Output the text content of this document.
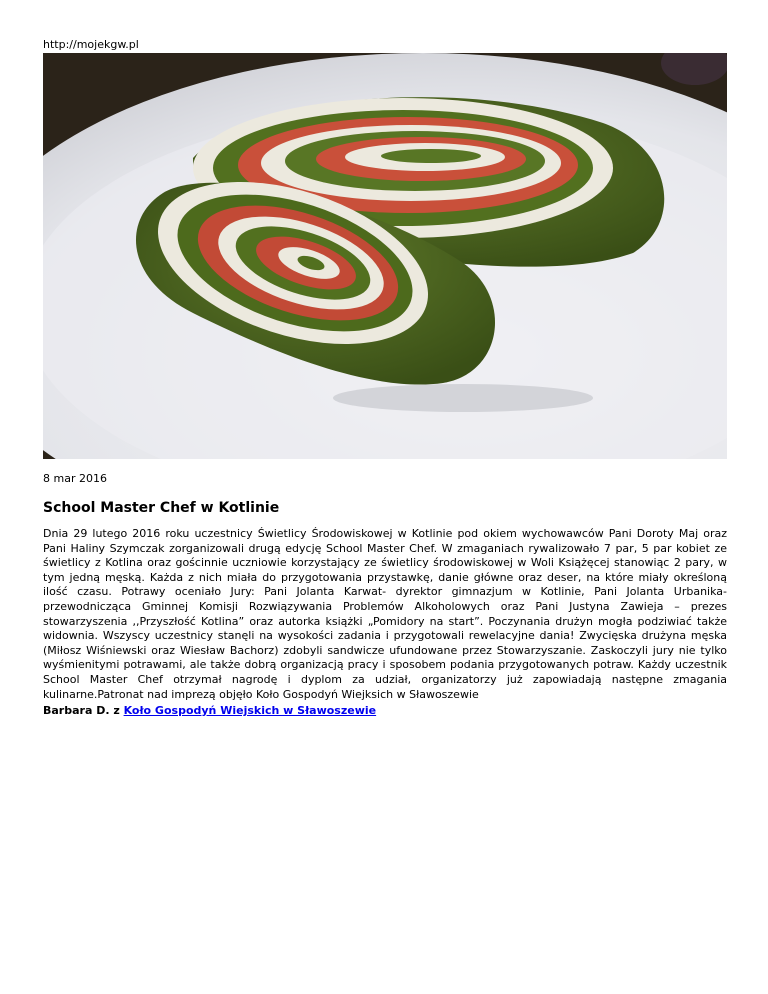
http://mojekgw.pl
8 mar 2016
School Master Chef w Kotlinie

Dnia 29 lutego 2016 roku uczestnicy Świetlicy Środowiskowej w Kotlinie pod okiem wychowawców Pani Doroty Maj oraz Pani Haliny Szymczak zorganizowali drugą edycję School Master Chef. W zmaganiach rywalizowało 7 par, 5 par kobiet ze świetlicy z Kotlina oraz gościnnie uczniowie korzystający ze świetlicy środowiskowej w Woli Książęcej stanowiąc 2 pary, w tym jedną męską. Każda z nich miała do przygotowania przystawkę, danie główne oraz deser, na które miały określoną ilość czasu. Potrawy oceniało Jury: Pani Jolanta Karwat- dyrektor gimnazjum w Kotlinie, Pani Jolanta Urbanika- przewodnicząca Gminnej Komisji Rozwiązywania Problemów Alkoholowych oraz Pani Justyna Zawieja – prezes stowarzyszenia ,,Przyszłość Kotlina” oraz autorka książki „Pomidory na start”. Poczynania drużyn mogła podziwiać także widownia. Wszyscy uczestnicy stanęli na wysokości zadania i przygotowali rewelacyjne dania! Zwycięska drużyna męska (Miłosz Wiśniewski oraz Wiesław Bachorz) zdobyli sandwicze ufundowane przez Stowarzyszanie. Zaskoczyli jury nie tylko wyśmienitymi potrawami, ale także dobrą organizacją pracy i sposobem podania przygotowanych potraw. Każdy uczestnik School Master Chef otrzymał nagrodę i dyplom za udział, organizatorzy już zapowiadają następne zmagania kulinarne.Patronat nad imprezą objęło Koło Gospodyń Wiejksich w Sławoszewie

Barbara D. z Koło Gospodyń Wiejskich w Sławoszewie
